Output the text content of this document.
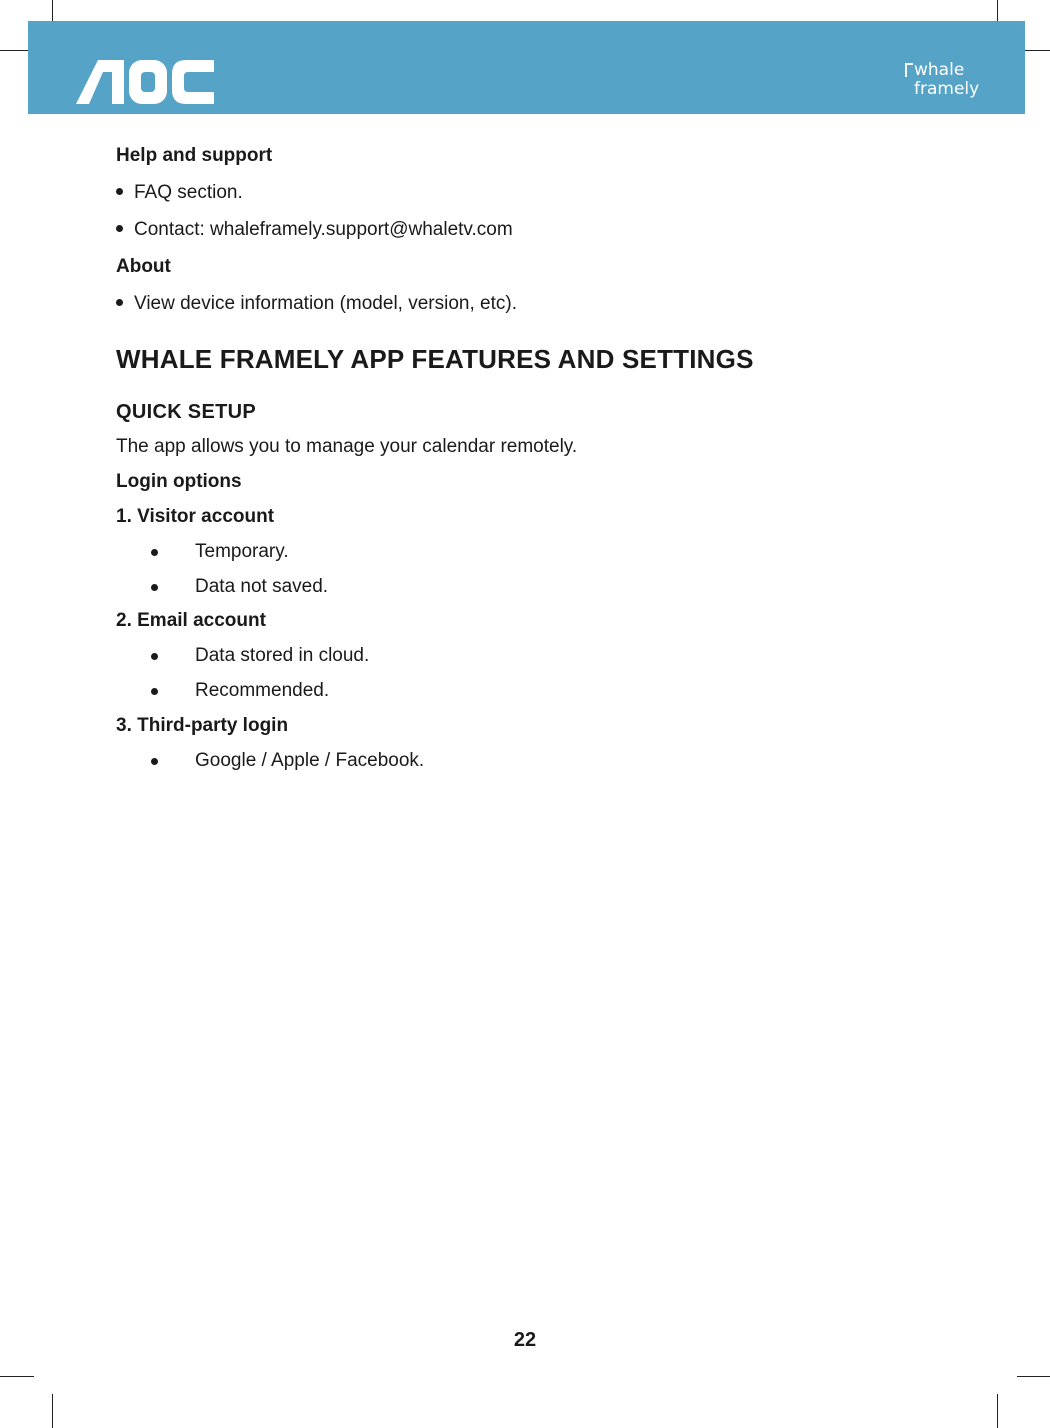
whale
framely
Help and support
FAQ section.
Contact: whaleframely.support@whaletv.com
About
View device information (model, version, etc).
WHALE FRAMELY APP FEATURES AND SETTINGS
QUICK SETUP
The app allows you to manage your calendar remotely.
Login options
1. Visitor account
Temporary.
Data not saved.
2. Email account
Data stored in cloud.
Recommended.
3. Third-party login
Google / Apple / Facebook.
22
